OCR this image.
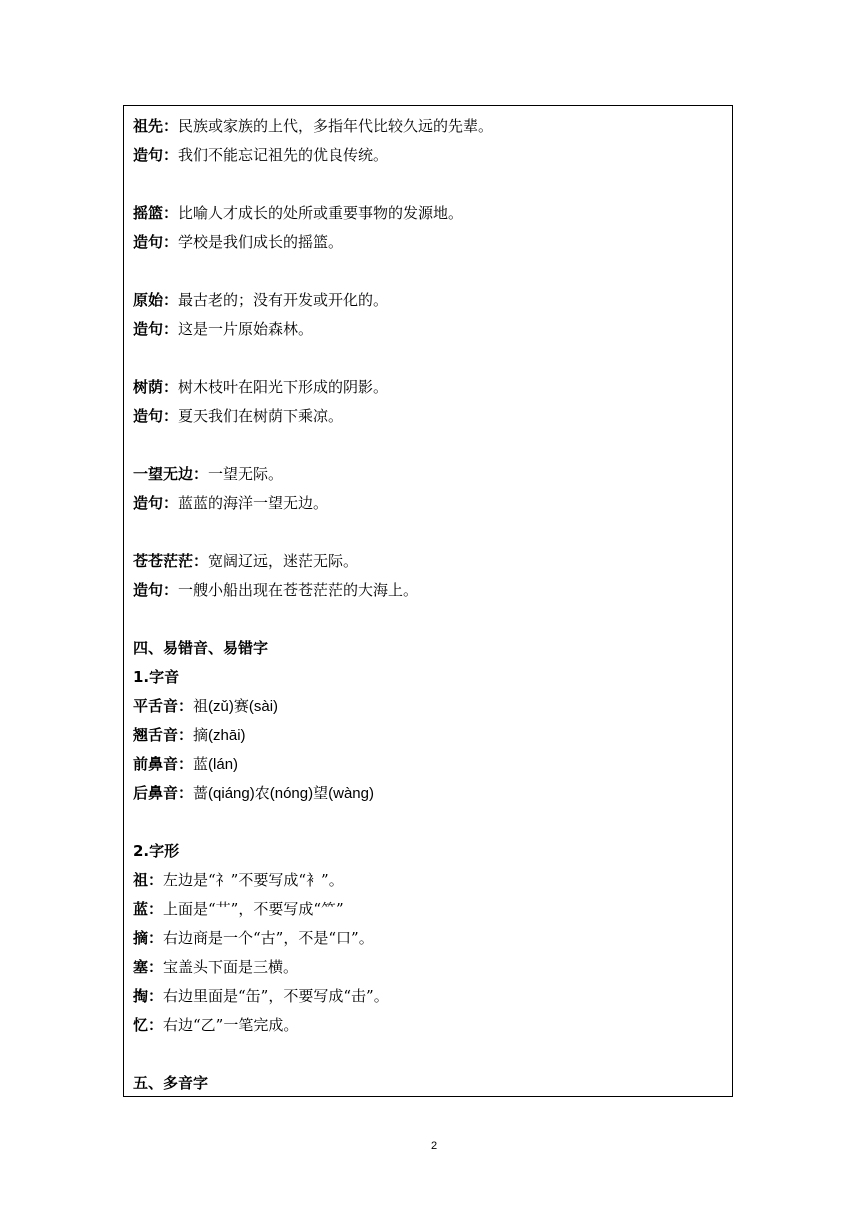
祖先：民族或家族的上代，多指年代比较久远的先辈。
造句：我们不能忘记祖先的优良传统。
摇篮：比喻人才成长的处所或重要事物的发源地。
造句：学校是我们成长的摇篮。
原始：最古老的；没有开发或开化的。
造句：这是一片原始森林。
树荫：树木枝叶在阳光下形成的阴影。
造句：夏天我们在树荫下乘凉。
一望无边：一望无际。
造句：蓝蓝的海洋一望无边。
苍苍茫茫：宽阔辽远，迷茫无际。
造句：一艘小船出现在苍苍茫茫的大海上。
四、易错音、易错字
1.字音
平舌音：祖(zǔ)赛(sài)
翘舌音：摘(zhāi)
前鼻音：蓝(lán)
后鼻音：蔷(qiáng)农(nóng)望(wàng)
2.字形
祖：左边是“礻”不要写成“衤”。
蓝：上面是“艹”，不要写成“⺮”
摘：右边商是一个“古”，不是“口”。
塞：宝盖头下面是三横。
掏：右边里面是“缶”，不要写成“击”。
忆：右边“乙”一笔完成。
五、多音字
2
